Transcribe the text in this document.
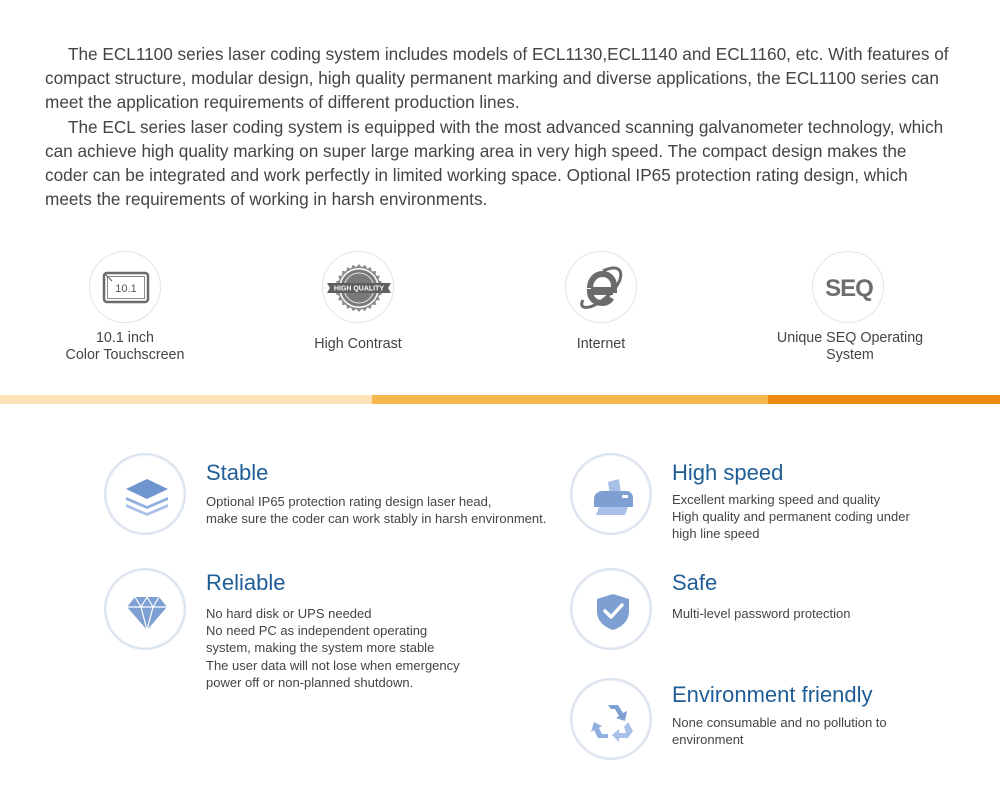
The ECL1100 series laser coding system includes models of ECL1130,ECL1140 and ECL1160, etc. With features of compact structure, modular design, high quality permanent marking and diverse applications, the ECL1100 series can meet the application requirements of different production lines.

The ECL series laser coding system is equipped with the most advanced scanning galvanometer technology, which can achieve high quality marking on super large marking area in very high speed. The compact design makes the coder can be integrated and work perfectly in limited working space. Optional IP65 protection rating design, which meets the requirements of working in harsh environments.

10.1
10.1 inch
Color Touchscreen
HIGH QUALITY
High Contrast	Internet
SEQ
Unique SEQ Operating
System
Stable
Optional IP65 protection rating design laser head,
make sure the coder can work stably in harsh environment.
High speed
Excellent marking speed and quality
High quality and permanent coding under
high line speed
Reliable
No hard disk or UPS needed
No need PC as independent operating
system, making the system more stable
The user data will not lose when emergency
power off or non-planned shutdown.
Safe
Multi-level password protection
Environment friendly
None consumable and no pollution to
environment
